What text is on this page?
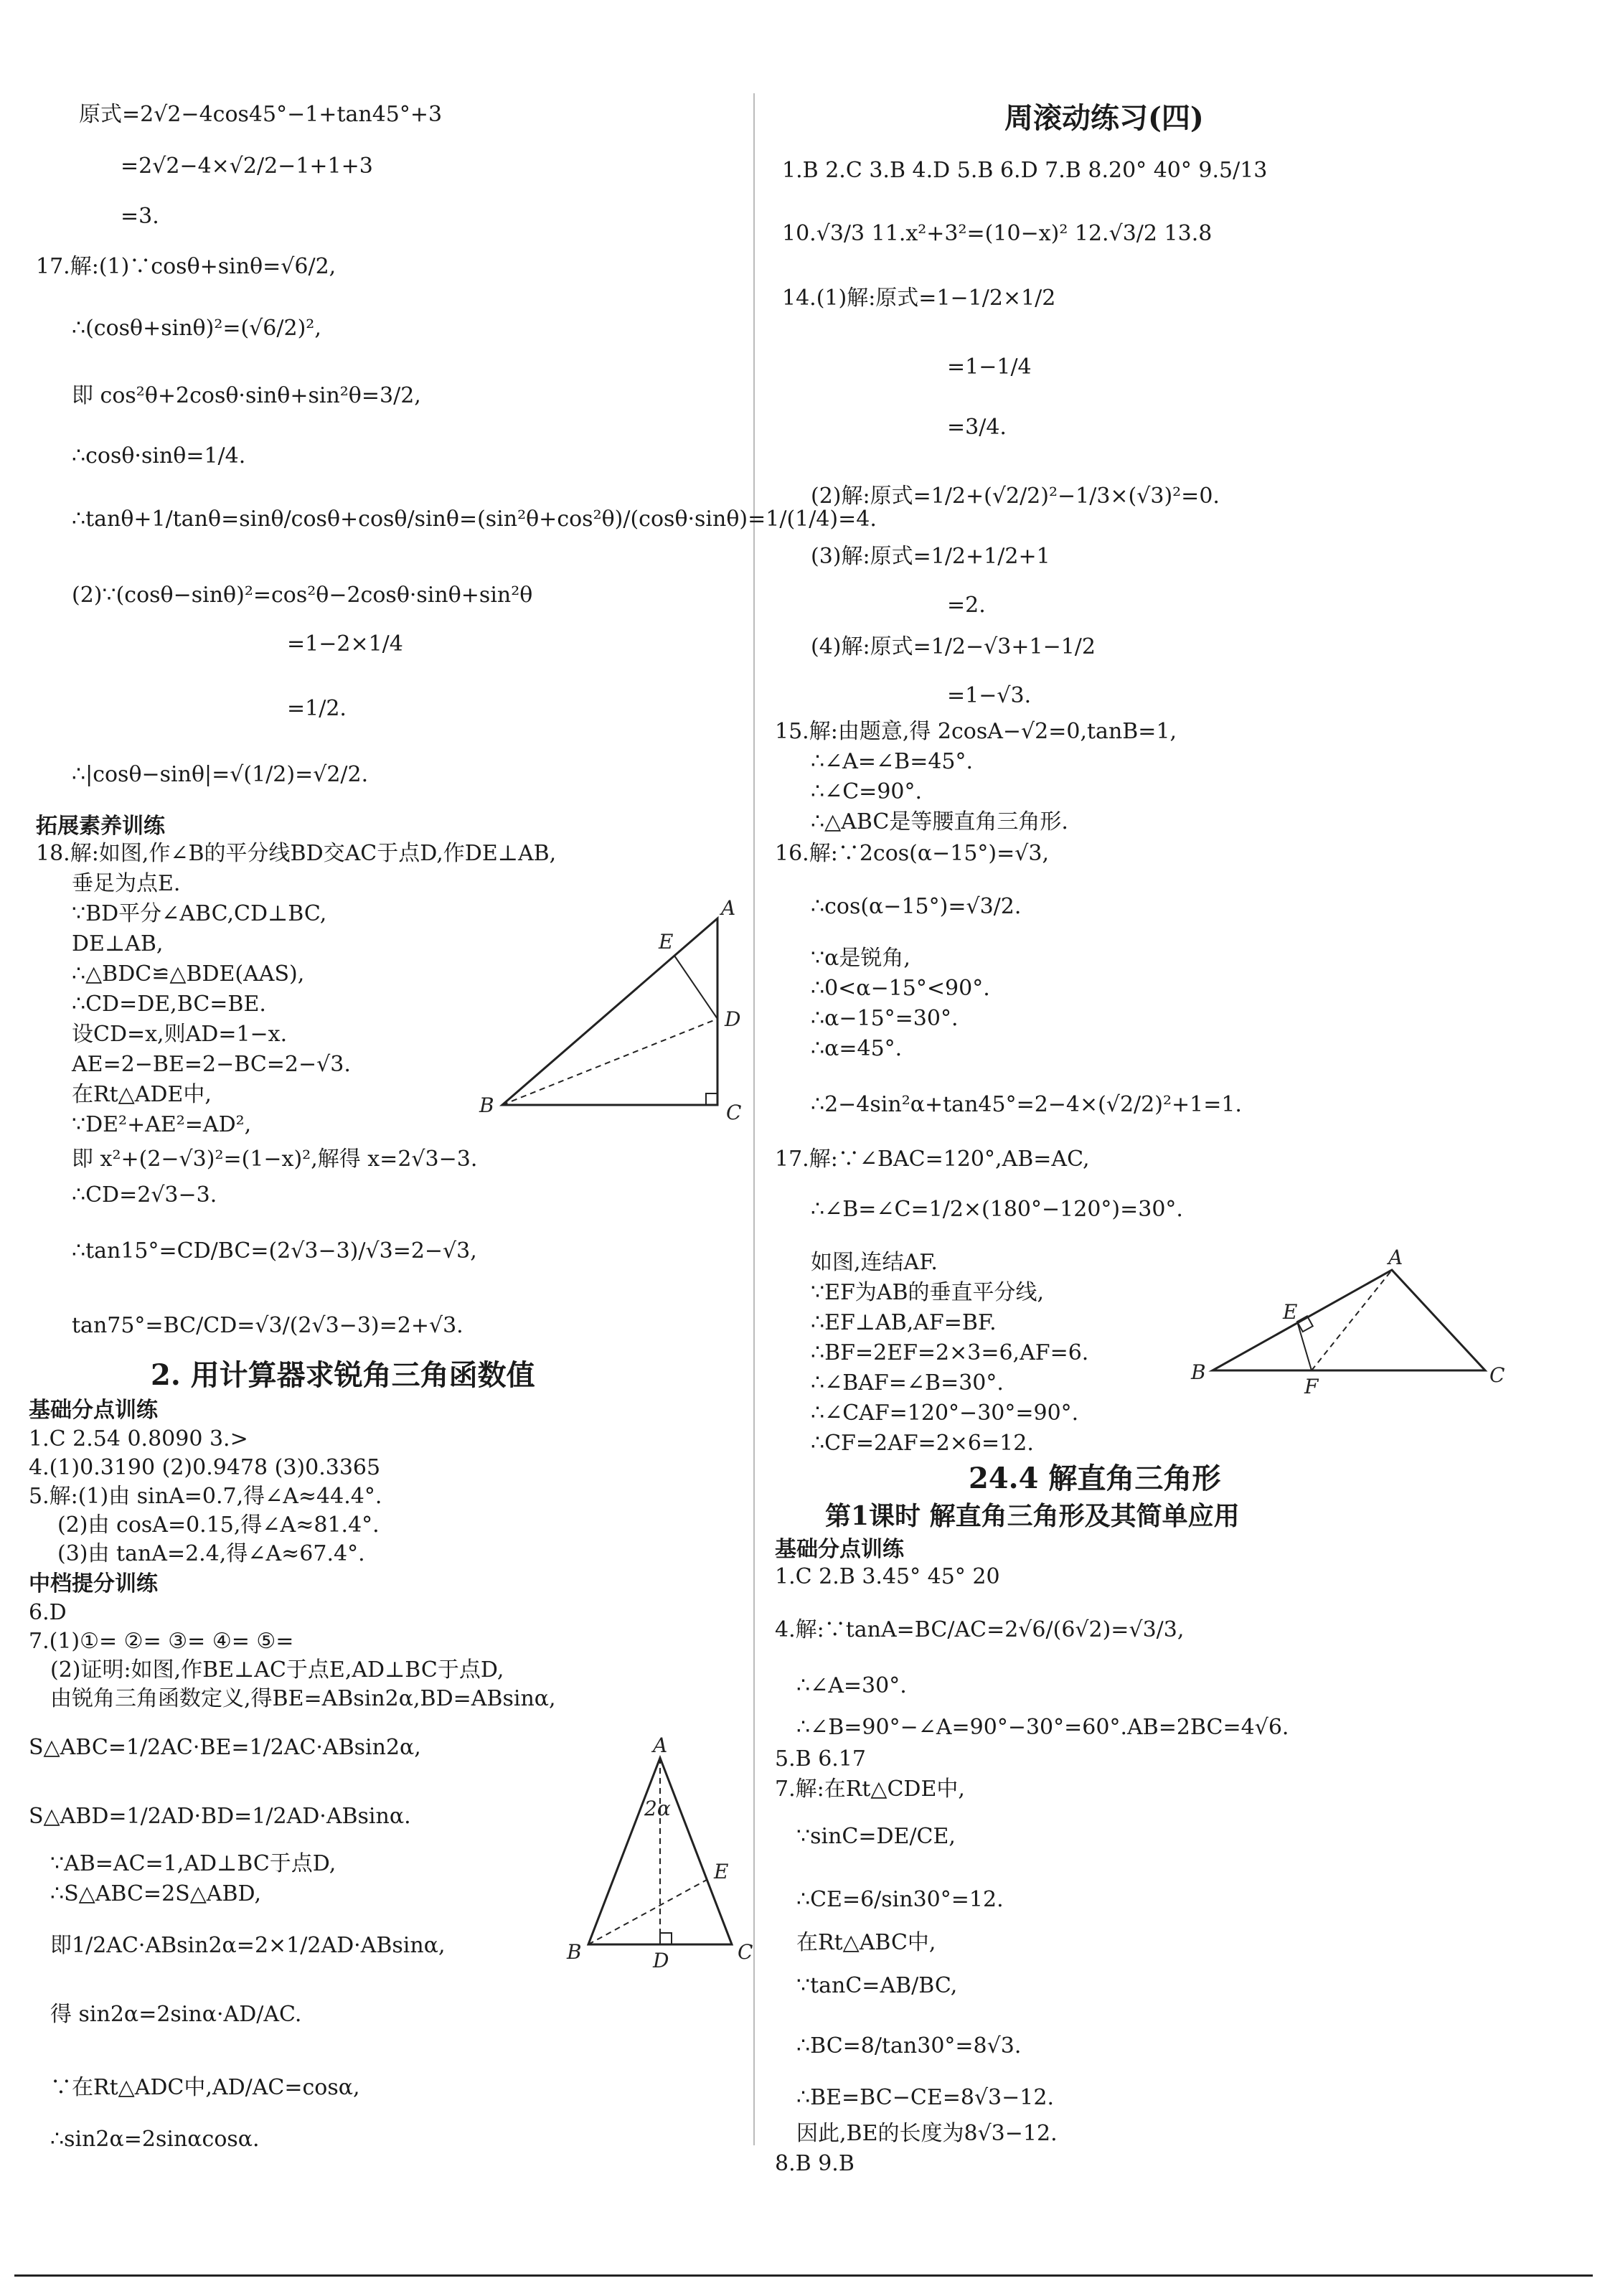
原式=2√2−4cos45°−1+tan45°+3
=2√2−4×√2/2−1+1+3
=3.
17.解:(1)∵cosθ+sinθ=√6/2,
∴(cosθ+sinθ)²=(√6/2)²,
即 cos²θ+2cosθ·sinθ+sin²θ=3/2,
∴cosθ·sinθ=1/4.
∴tanθ+1/tanθ=sinθ/cosθ+cosθ/sinθ=(sin²θ+cos²θ)/(cosθ·sinθ)=1/(1/4)=4.
(2)∵(cosθ−sinθ)²=cos²θ−2cosθ·sinθ+sin²θ
=1−2×1/4
=1/2.
∴|cosθ−sinθ|=√(1/2)=√2/2.
拓展素养训练
18.解:如图,作∠B的平分线BD交AC于点D,作DE⊥AB,
垂足为点E.
∵BD平分∠ABC,CD⊥BC,
DE⊥AB,
∴△BDC≌△BDE(AAS),
∴CD=DE,BC=BE.
设CD=x,则AD=1−x.
AE=2−BE=2−BC=2−√3.
在Rt△ADE中,
∵DE²+AE²=AD²,
即 x²+(2−√3)²=(1−x)²,解得 x=2√3−3.
∴CD=2√3−3.
∴tan15°=CD/BC=(2√3−3)/√3=2−√3,
tan75°=BC/CD=√3/(2√3−3)=2+√3.
A
B	C
D
E
2. 用计算器求锐角三角函数值
基础分点训练
1.C 2.54 0.8090 3.>
4.(1)0.3190 (2)0.9478 (3)0.3365
5.解:(1)由 sinA=0.7,得∠A≈44.4°.
(2)由 cosA=0.15,得∠A≈81.4°.
(3)由 tanA=2.4,得∠A≈67.4°.
中档提分训练
6.D
7.(1)①= ②= ③= ④= ⑤=
(2)证明:如图,作BE⊥AC于点E,AD⊥BC于点D,
由锐角三角函数定义,得BE=ABsin2α,BD=ABsinα,
S△ABC=1/2AC·BE=1/2AC·ABsin2α,
S△ABD=1/2AD·BD=1/2AD·ABsinα.
∵AB=AC=1,AD⊥BC于点D,
∴S△ABC=2S△ABD,
即1/2AC·ABsin2α=2×1/2AD·ABsinα,
得 sin2α=2sinα·AD/AC.
∵在Rt△ADC中,AD/AC=cosα,
∴sin2α=2sinαcosα.
A
B	C
D
E
2α
周滚动练习(四)
1.B 2.C 3.B 4.D 5.B 6.D 7.B 8.20° 40° 9.5/13
10.√3/3 11.x²+3²=(10−x)² 12.√3/2 13.8
14.(1)解:原式=1−1/2×1/2
=1−1/4
=3/4.
(2)解:原式=1/2+(√2/2)²−1/3×(√3)²=0.
(3)解:原式=1/2+1/2+1
=2.
(4)解:原式=1/2−√3+1−1/2
=1−√3.
15.解:由题意,得 2cosA−√2=0,tanB=1,
∴∠A=∠B=45°.
∴∠C=90°.
∴△ABC是等腰直角三角形.
16.解:∵2cos(α−15°)=√3,
∴cos(α−15°)=√3/2.
∵α是锐角,
∴0<α−15°<90°.
∴α−15°=30°.
∴α=45°.
∴2−4sin²α+tan45°=2−4×(√2/2)²+1=1.
17.解:∵∠BAC=120°,AB=AC,
∴∠B=∠C=1/2×(180°−120°)=30°.
如图,连结AF.
∵EF为AB的垂直平分线,
∴EF⊥AB,AF=BF.
∴BF=2EF=2×3=6,AF=6.
∴∠BAF=∠B=30°.
∴∠CAF=120°−30°=90°.
∴CF=2AF=2×6=12.
A
B	C
E
F
24.4 解直角三角形
第1课时 解直角三角形及其简单应用
基础分点训练
1.C 2.B 3.45° 45° 20
4.解:∵tanA=BC/AC=2√6/(6√2)=√3/3,
∴∠A=30°.
∴∠B=90°−∠A=90°−30°=60°.AB=2BC=4√6.
5.B 6.17
7.解:在Rt△CDE中,
∵sinC=DE/CE,
∴CE=6/sin30°=12.
在Rt△ABC中,
∵tanC=AB/BC,
∴BC=8/tan30°=8√3.
∴BE=BC−CE=8√3−12.
因此,BE的长度为8√3−12.
8.B 9.B
